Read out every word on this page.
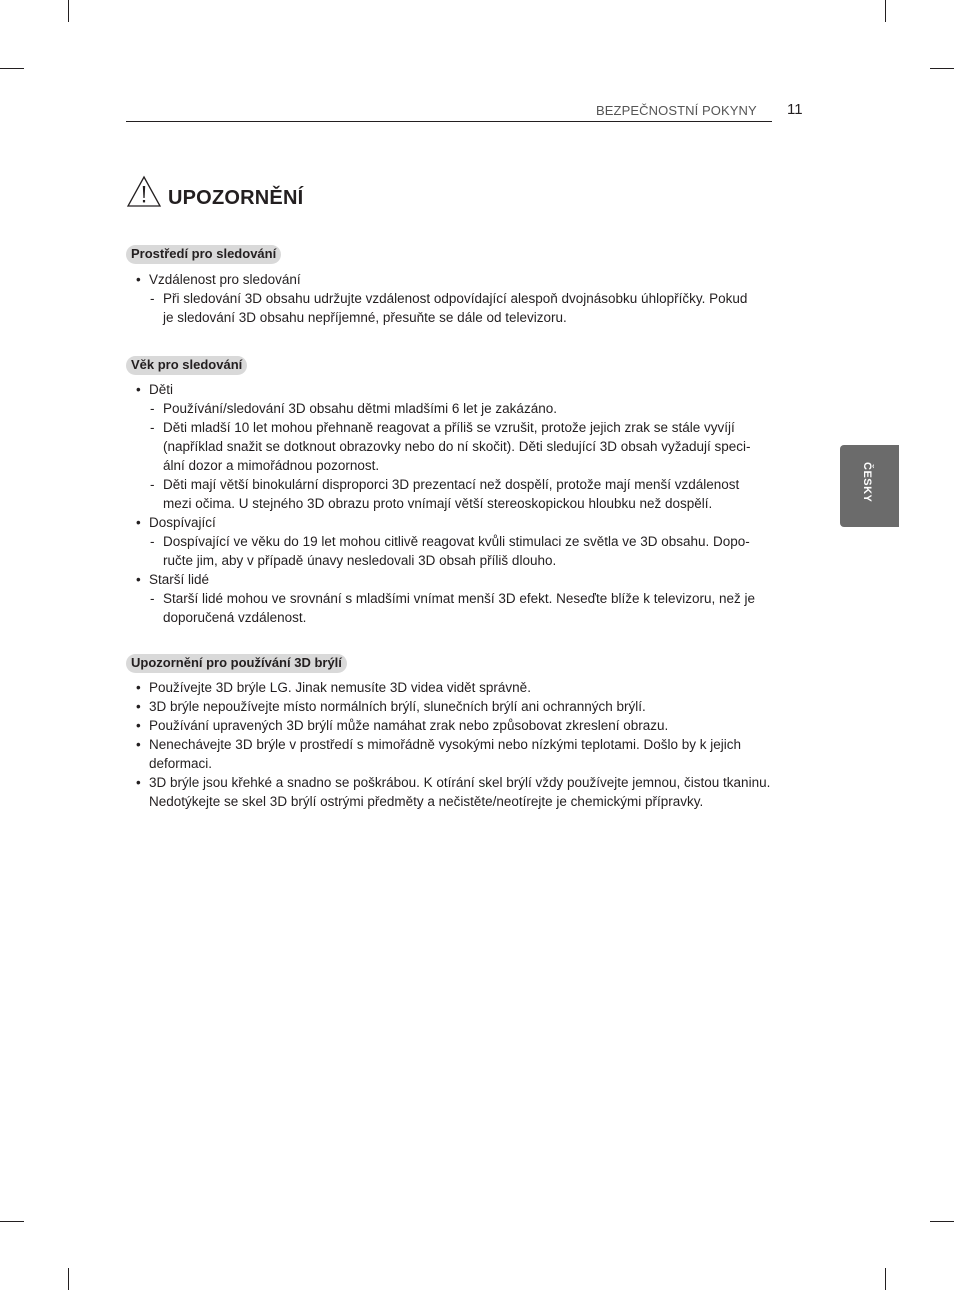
BEZPEČNOSTNÍ POKYNY 11
UPOZORNĚNÍ
Prostředí pro sledování
• Vzdálenost pro sledování
- Při sledování 3D obsahu udržujte vzdálenost odpovídající alespoň dvojnásobku úhlopříčky. Pokud
je sledování 3D obsahu nepříjemné, přesuňte se dále od televizoru.
Věk pro sledování
• Děti
- Používání/sledování 3D obsahu dětmi mladšími 6 let je zakázáno.
- Děti mladší 10 let mohou přehnaně reagovat a příliš se vzrušit, protože jejich zrak se stále vyvíjí
(například snažit se dotknout obrazovky nebo do ní skočit). Děti sledující 3D obsah vyžadují speci-
ální dozor a mimořádnou pozornost.
- Děti mají větší binokulární disproporci 3D prezentací než dospělí, protože mají menší vzdálenost
mezi očima. U stejného 3D obrazu proto vnímají větší stereoskopickou hloubku než dospělí.
• Dospívající
- Dospívající ve věku do 19 let mohou citlivě reagovat kvůli stimulaci ze světla ve 3D obsahu. Dopo-
ručte jim, aby v případě únavy nesledovali 3D obsah příliš dlouho.
• Starší lidé
- Starší lidé mohou ve srovnání s mladšími vnímat menší 3D efekt. Neseďte blíže k televizoru, než je
doporučená vzdálenost.
Upozornění pro používání 3D brýlí
• Používejte 3D brýle LG. Jinak nemusíte 3D videa vidět správně.
• 3D brýle nepoužívejte místo normálních brýlí, slunečních brýlí ani ochranných brýlí.
• Používání upravených 3D brýlí může namáhat zrak nebo způsobovat zkreslení obrazu.
• Nenechávejte 3D brýle v prostředí s mimořádně vysokými nebo nízkými teplotami. Došlo by k jejich
deformaci.
• 3D brýle jsou křehké a snadno se poškrábou. K otírání skel brýlí vždy používejte jemnou, čistou tkaninu.
Nedotýkejte se skel 3D brýlí ostrými předměty a nečistěte/neotírejte je chemickými přípravky.
ČESKY
